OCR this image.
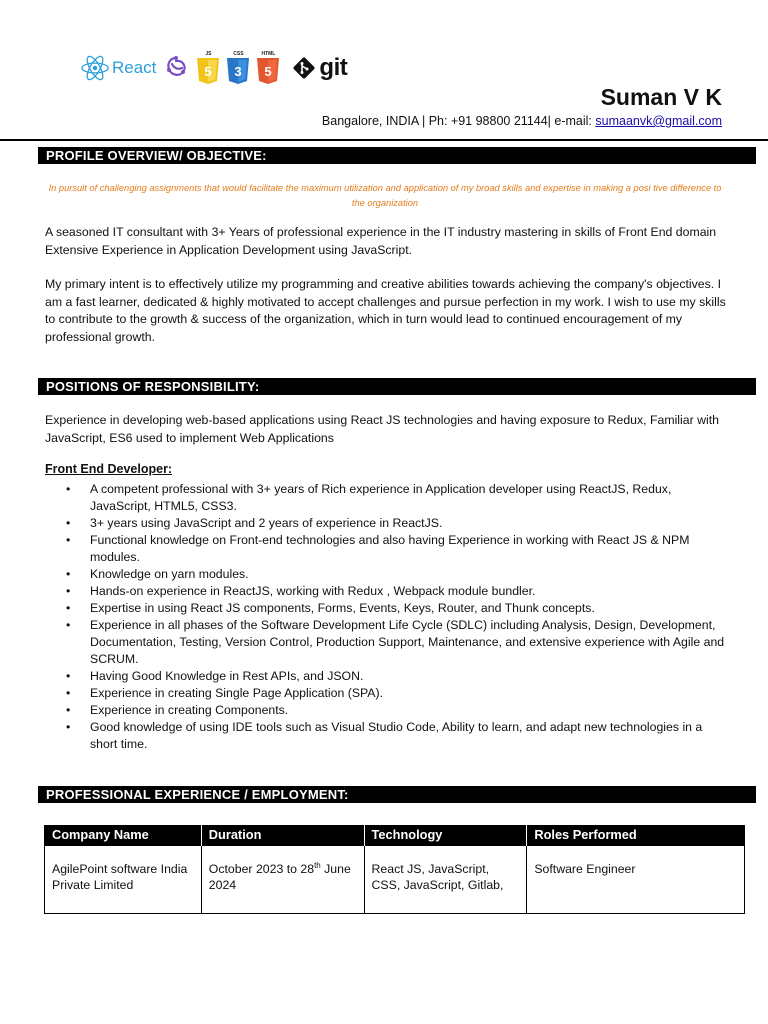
React
JS
5
CSS
3
HTML
5 git
Suman V K
Bangalore, INDIA | Ph: +91 98800 21144| e-mail: sumaanvk@gmail.com
PROFILE OVERVIEW/ OBJECTIVE:
In pursuit of challenging assignments that would facilitate the maximum utilization and application of my broad skills and expertise in making a posi tive difference to the organization
A seasoned IT consultant with 3+ Years of professional experience in the IT industry mastering in skills of Front End domain Extensive Experience in Application Development using JavaScript.
My primary intent is to effectively utilize my programming and creative abilities towards achieving the company's objectives. I am a fast learner, dedicated & highly motivated to accept challenges and pursue perfection in my work. I wish to use my skills to contribute to the growth & success of the organization, which in turn would lead to continued encouragement of my professional growth.
POSITIONS OF RESPONSIBILITY:
Experience in developing web-based applications using React JS technologies and having exposure to Redux, Familiar with JavaScript, ES6 used to implement Web Applications
Front End Developer:
• A competent professional with 3+ years of Rich experience in Application developer using ReactJS, Redux, JavaScript, HTML5, CSS3.
• 3+ years using JavaScript and 2 years of experience in ReactJS.
• Functional knowledge on Front-end technologies and also having Experience in working with React JS & NPM modules.
• Knowledge on yarn modules.
• Hands-on experience in ReactJS, working with Redux , Webpack module bundler.
• Expertise in using React JS components, Forms, Events, Keys, Router, and Thunk concepts.
• Experience in all phases of the Software Development Life Cycle (SDLC) including Analysis, Design, Development, Documentation, Testing, Version Control, Production Support, Maintenance, and extensive experience with Agile and SCRUM.
• Having Good Knowledge in Rest APIs, and JSON.
• Experience in creating Single Page Application (SPA).
• Experience in creating Components.
• Good knowledge of using IDE tools such as Visual Studio Code, Ability to learn, and adapt new technologies in a short time.
PROFESSIONAL EXPERIENCE / EMPLOYMENT:
Company Name	Duration	Technology	Roles Performed
AgilePoint software India Private Limited	October 2023 to 28th June 2024	React JS, JavaScript, CSS, JavaScript, Gitlab,	Software Engineer
